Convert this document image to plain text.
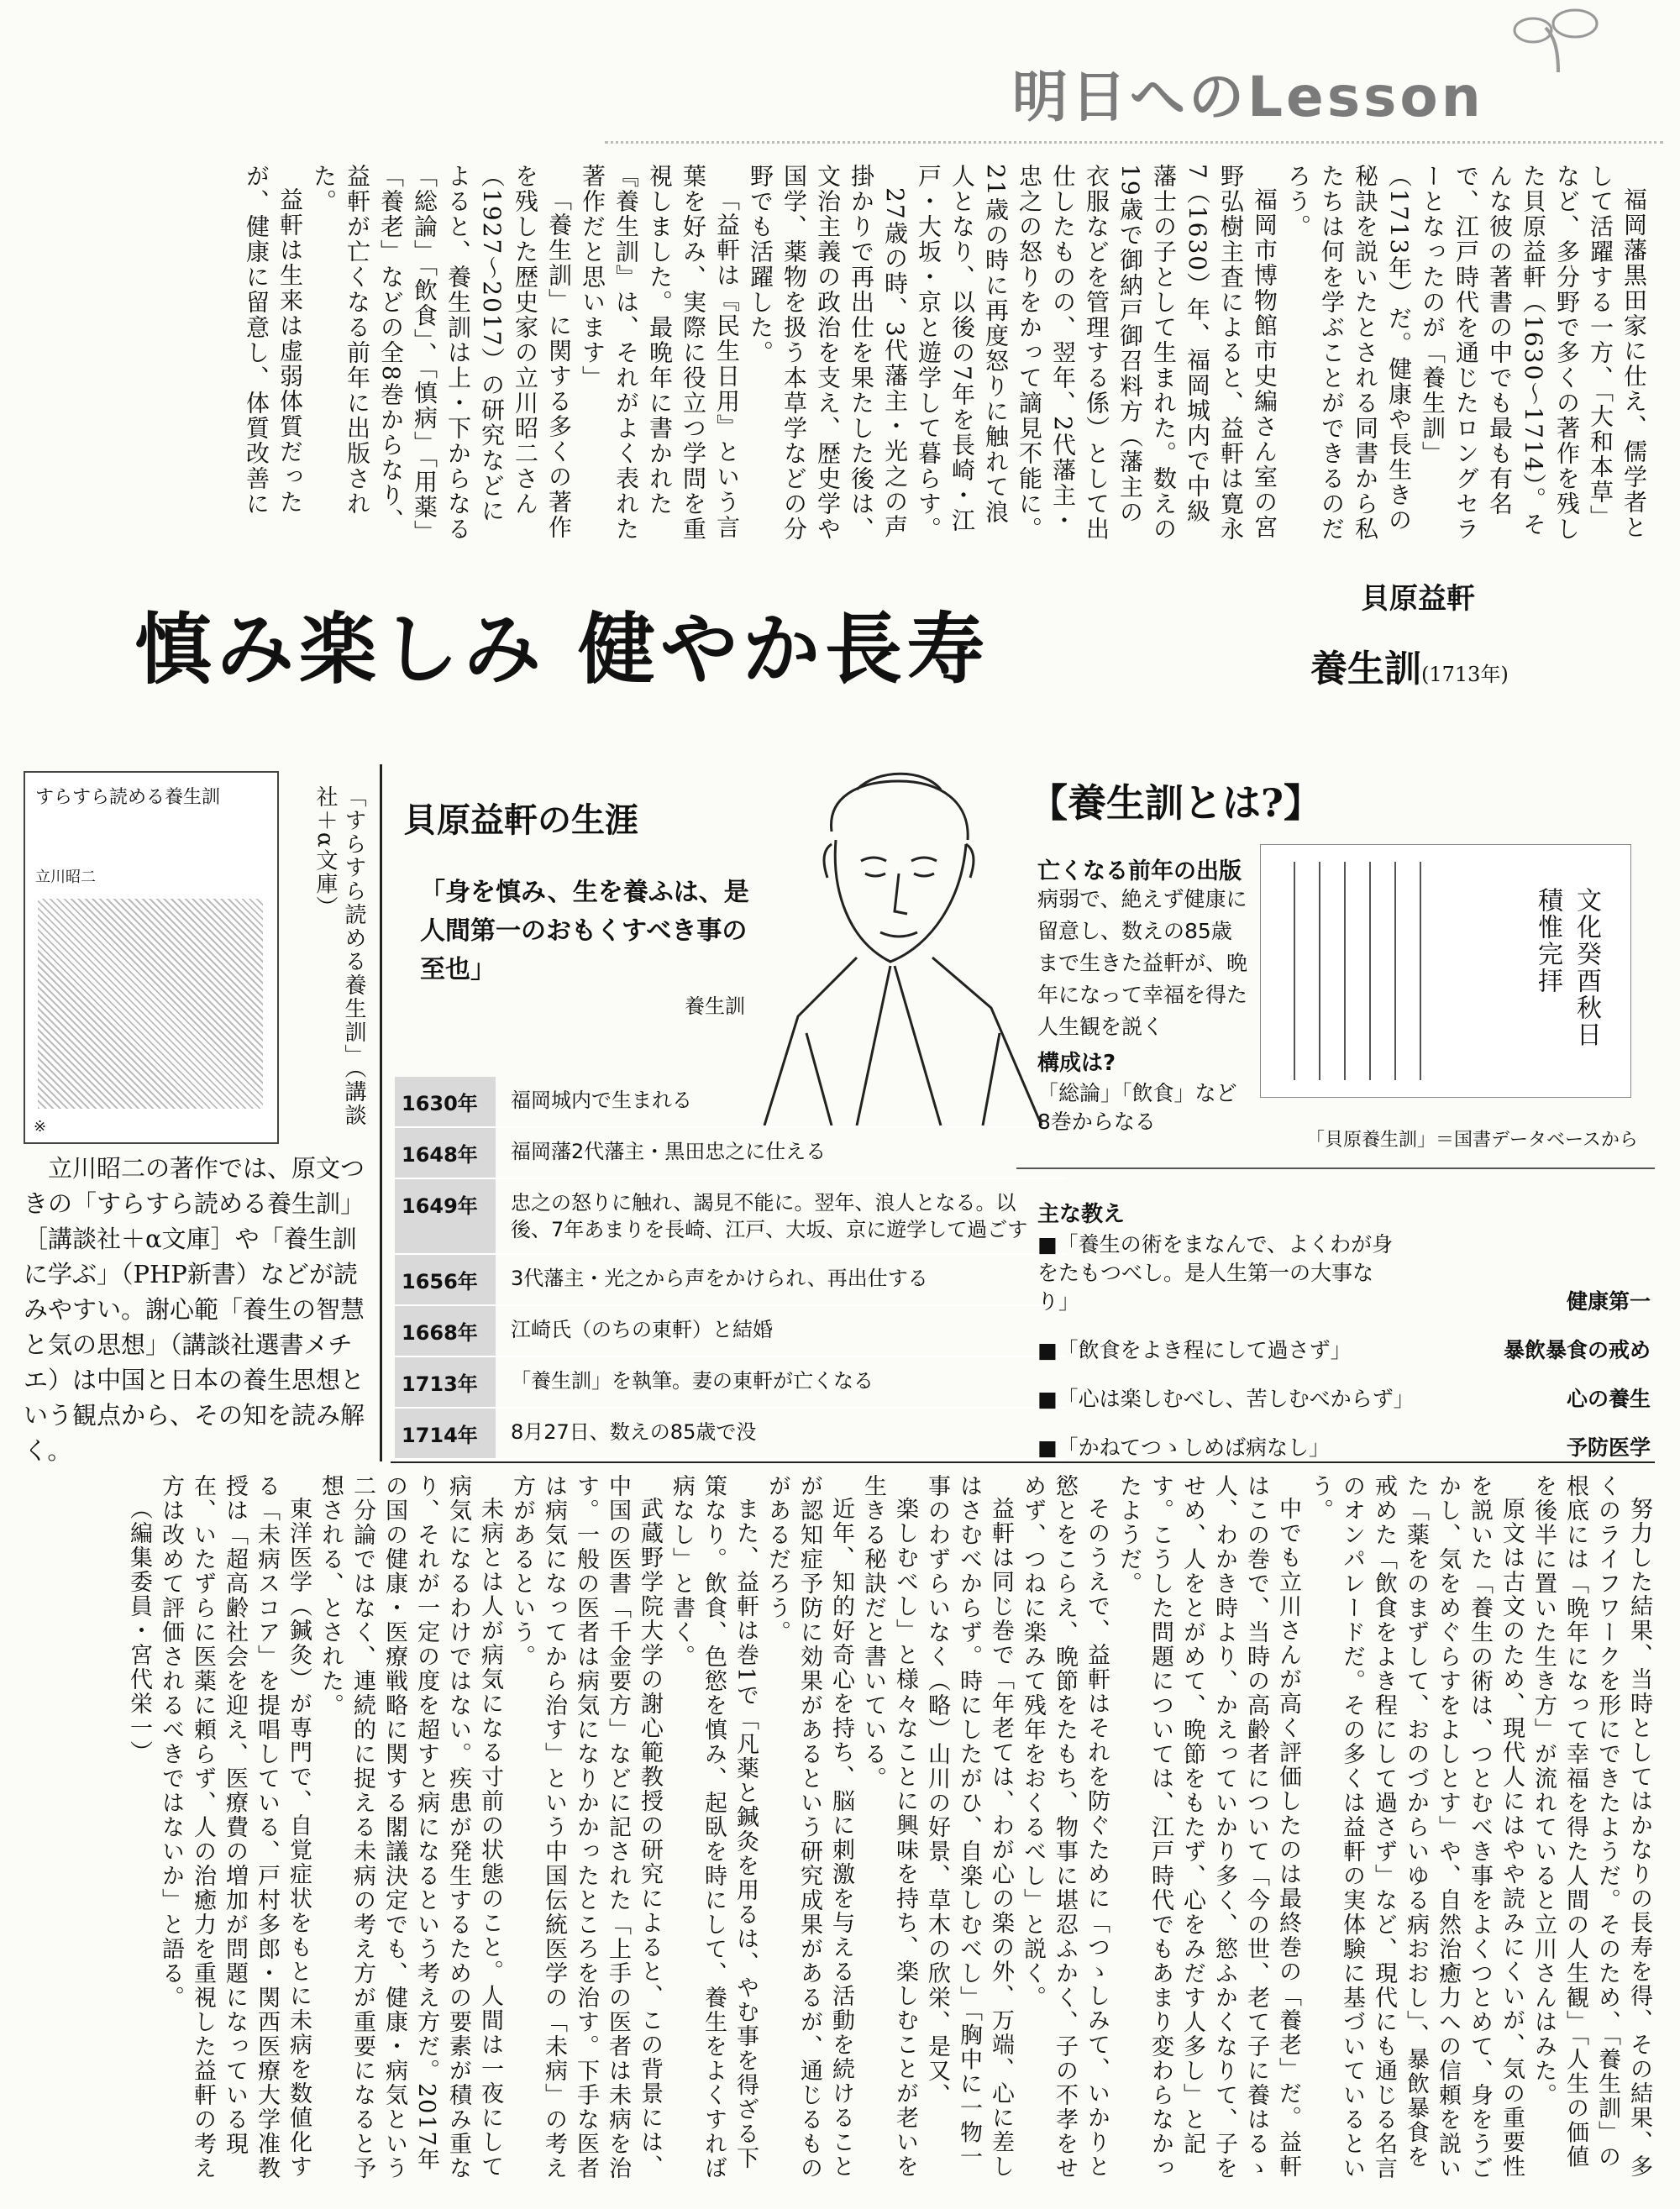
明日へのLesson

福岡藩黒田家に仕え、儒学者として活躍する一方、「大和本草」など、多分野で多くの著作を残した貝原益軒（1630〜1714）。そんな彼の著書の中でも最も有名で、江戸時代を通じたロングセラーとなったのが「養生訓」（1713年）だ。健康や長生きの秘訣を説いたとされる同書から私たちは何を学ぶことができるのだろう。

福岡市博物館市史編さん室の宮野弘樹主査によると、益軒は寛永7（1630）年、福岡城内で中級藩士の子として生まれた。数えの19歳で御納戸御召料方（藩主の衣服などを管理する係）として出仕したものの、翌年、2代藩主・忠之の怒りをかって謫見不能に。21歳の時に再度怒りに触れて浪人となり、以後の7年を長崎・江戸・大坂・京と遊学して暮らす。

27歳の時、3代藩主・光之の声掛かりで再出仕を果たした後は、文治主義の政治を支え、歴史学や国学、薬物を扱う本草学などの分野でも活躍した。

「益軒は『民生日用』という言葉を好み、実際に役立つ学問を重視しました。最晩年に書かれた『養生訓』は、それがよく表れた著作だと思います」

「養生訓」に関する多くの著作を残した歴史家の立川昭二さん（1927〜2017）の研究などによると、養生訓は上・下からなる「総論」「飲食」、「慎病」「用薬」「養老」などの全8巻からなり、益軒が亡くなる前年に出版された。

益軒は生来は虚弱体質だったが、健康に留意し、体質改善に

慎み楽しみ 健やか長寿
貝原益軒
養生訓(1713年)
すらすら読める養生訓
立川昭二
※	「すらすら読める養生訓」（講談社＋α文庫）

立川昭二の著作では、原文つきの「すらすら読める養生訓」［講談社＋α文庫］や「養生訓に学ぶ」（PHP新書）などが読みやすい。謝心範「養生の智慧と気の思想」（講談社選書メチエ）は中国と日本の養生思想という観点から、その知を読み解く。

貝原益軒の生涯
「身を慎み、生を養ふは、是人間第一のおもくすべき事の至也」
養生訓
1630年	福岡城内で生まれる
1648年	福岡藩2代藩主・黒田忠之に仕える
1649年	忠之の怒りに触れ、謁見不能に。翌年、浪人となる。以後、7年あまりを長崎、江戸、大坂、京に遊学して過ごす
1656年	3代藩主・光之から声をかけられ、再出仕する
1668年	江崎氏（のちの東軒）と結婚
1713年	「養生訓」を執筆。妻の東軒が亡くなる
1714年	8月27日、数えの85歳で没
【養生訓とは?】
亡くなる前年の出版
病弱で、絶えず健康に留意し、数えの85歳まで生きた益軒が、晩年になって幸福を得た人生観を説く
構成は?
「総論」「飲食」など8巻からなる

文化癸酉秋日

積惟完拝

「貝原養生訓」＝国書データベースから
主な教え
■「養生の術をまなんで、よくわが身をたもつべし。是人生第一の大事なり」	健康第一
■「飲食をよき程にして過さず」	暴飲暴食の戒め
■「心は楽しむべし、苦しむべからず」	心の養生
■「かねてつゝしめば病なし」	予防医学

努力した結果、当時としてはかなりの長寿を得、その結果、多くのライフワークを形にできたようだ。そのため、「養生訓」の根底には「晩年になって幸福を得た人間の人生観」「人生の価値を後半に置いた生き方」が流れていると立川さんはみた。

原文は古文のため、現代人にはやや読みにくいが、気の重要性を説いた「養生の術は、つとむべき事をよくつとめて、身をうごかし、気をめぐらすをよしとす」や、自然治癒力への信頼を説いた「薬をのまずして、おのづからいゆる病おおし」、暴飲暴食を戒めた「飲食をよき程にして過さず」など、現代にも通じる名言のオンパレードだ。その多くは益軒の実体験に基づいているという。

中でも立川さんが高く評価したのは最終巻の「養老」だ。益軒はこの巻で、当時の高齢者について「今の世、老て子に養はるゝ人、わかき時より、かえっていかり多く、慾ふかくなりて、子をせめ、人をとがめて、晩節をもたず、心をみだす人多し」と記す。こうした問題については、江戸時代でもあまり変わらなかったようだ。

そのうえで、益軒はそれを防ぐために「つゝしみて、いかりと慾とをこらえ、晩節をたもち、物事に堪忍ふかく、子の不孝をせめず、つねに楽みて残年をおくるべし」と説く。

益軒は同じ巻で「年老ては、わが心の楽の外、万端、心に差しはさむべからず。時にしたがひ、自楽しむべし」「胸中に一物一事のわずらいなく（略）山川の好景、草木の欣栄、是又、

楽しむべし」と様々なことに興味を持ち、楽しむことが老いを生きる秘訣だと書いている。

近年、知的好奇心を持ち、脳に刺激を与える活動を続けることが認知症予防に効果があるという研究成果があるが、通じるものがあるだろう。

また、益軒は巻1で「凡薬と鍼灸を用るは、やむ事を得ざる下策なり。飲食、色慾を慎み、起臥を時にして、養生をよくすれば病なし」と書く。

武蔵野学院大学の謝心範教授の研究によると、この背景には、中国の医書「千金要方」などに記された「上手の医者は未病を治す。一般の医者は病気になりかかったところを治す。下手な医者は病気になってから治す」という中国伝統医学の「未病」の考え方があるという。

未病とは人が病気になる寸前の状態のこと。人間は一夜にして病気になるわけではない。疾患が発生するための要素が積み重なり、それが一定の度を超すと病になるという考え方だ。2017年の国の健康・医療戦略に関する閣議決定でも、健康・病気という二分論ではなく、連続的に捉える未病の考え方が重要になると予想される、とされた。

東洋医学（鍼灸）が専門で、自覚症状をもとに未病を数値化する「未病スコア」を提唱している、戸村多郎・関西医療大学准教授は「超高齢社会を迎え、医療費の増加が問題になっている現在、いたずらに医薬に頼らず、人の治癒力を重視した益軒の考え方は改めて評価されるべきではないか」と語る。

（編集委員・宮代栄一）
